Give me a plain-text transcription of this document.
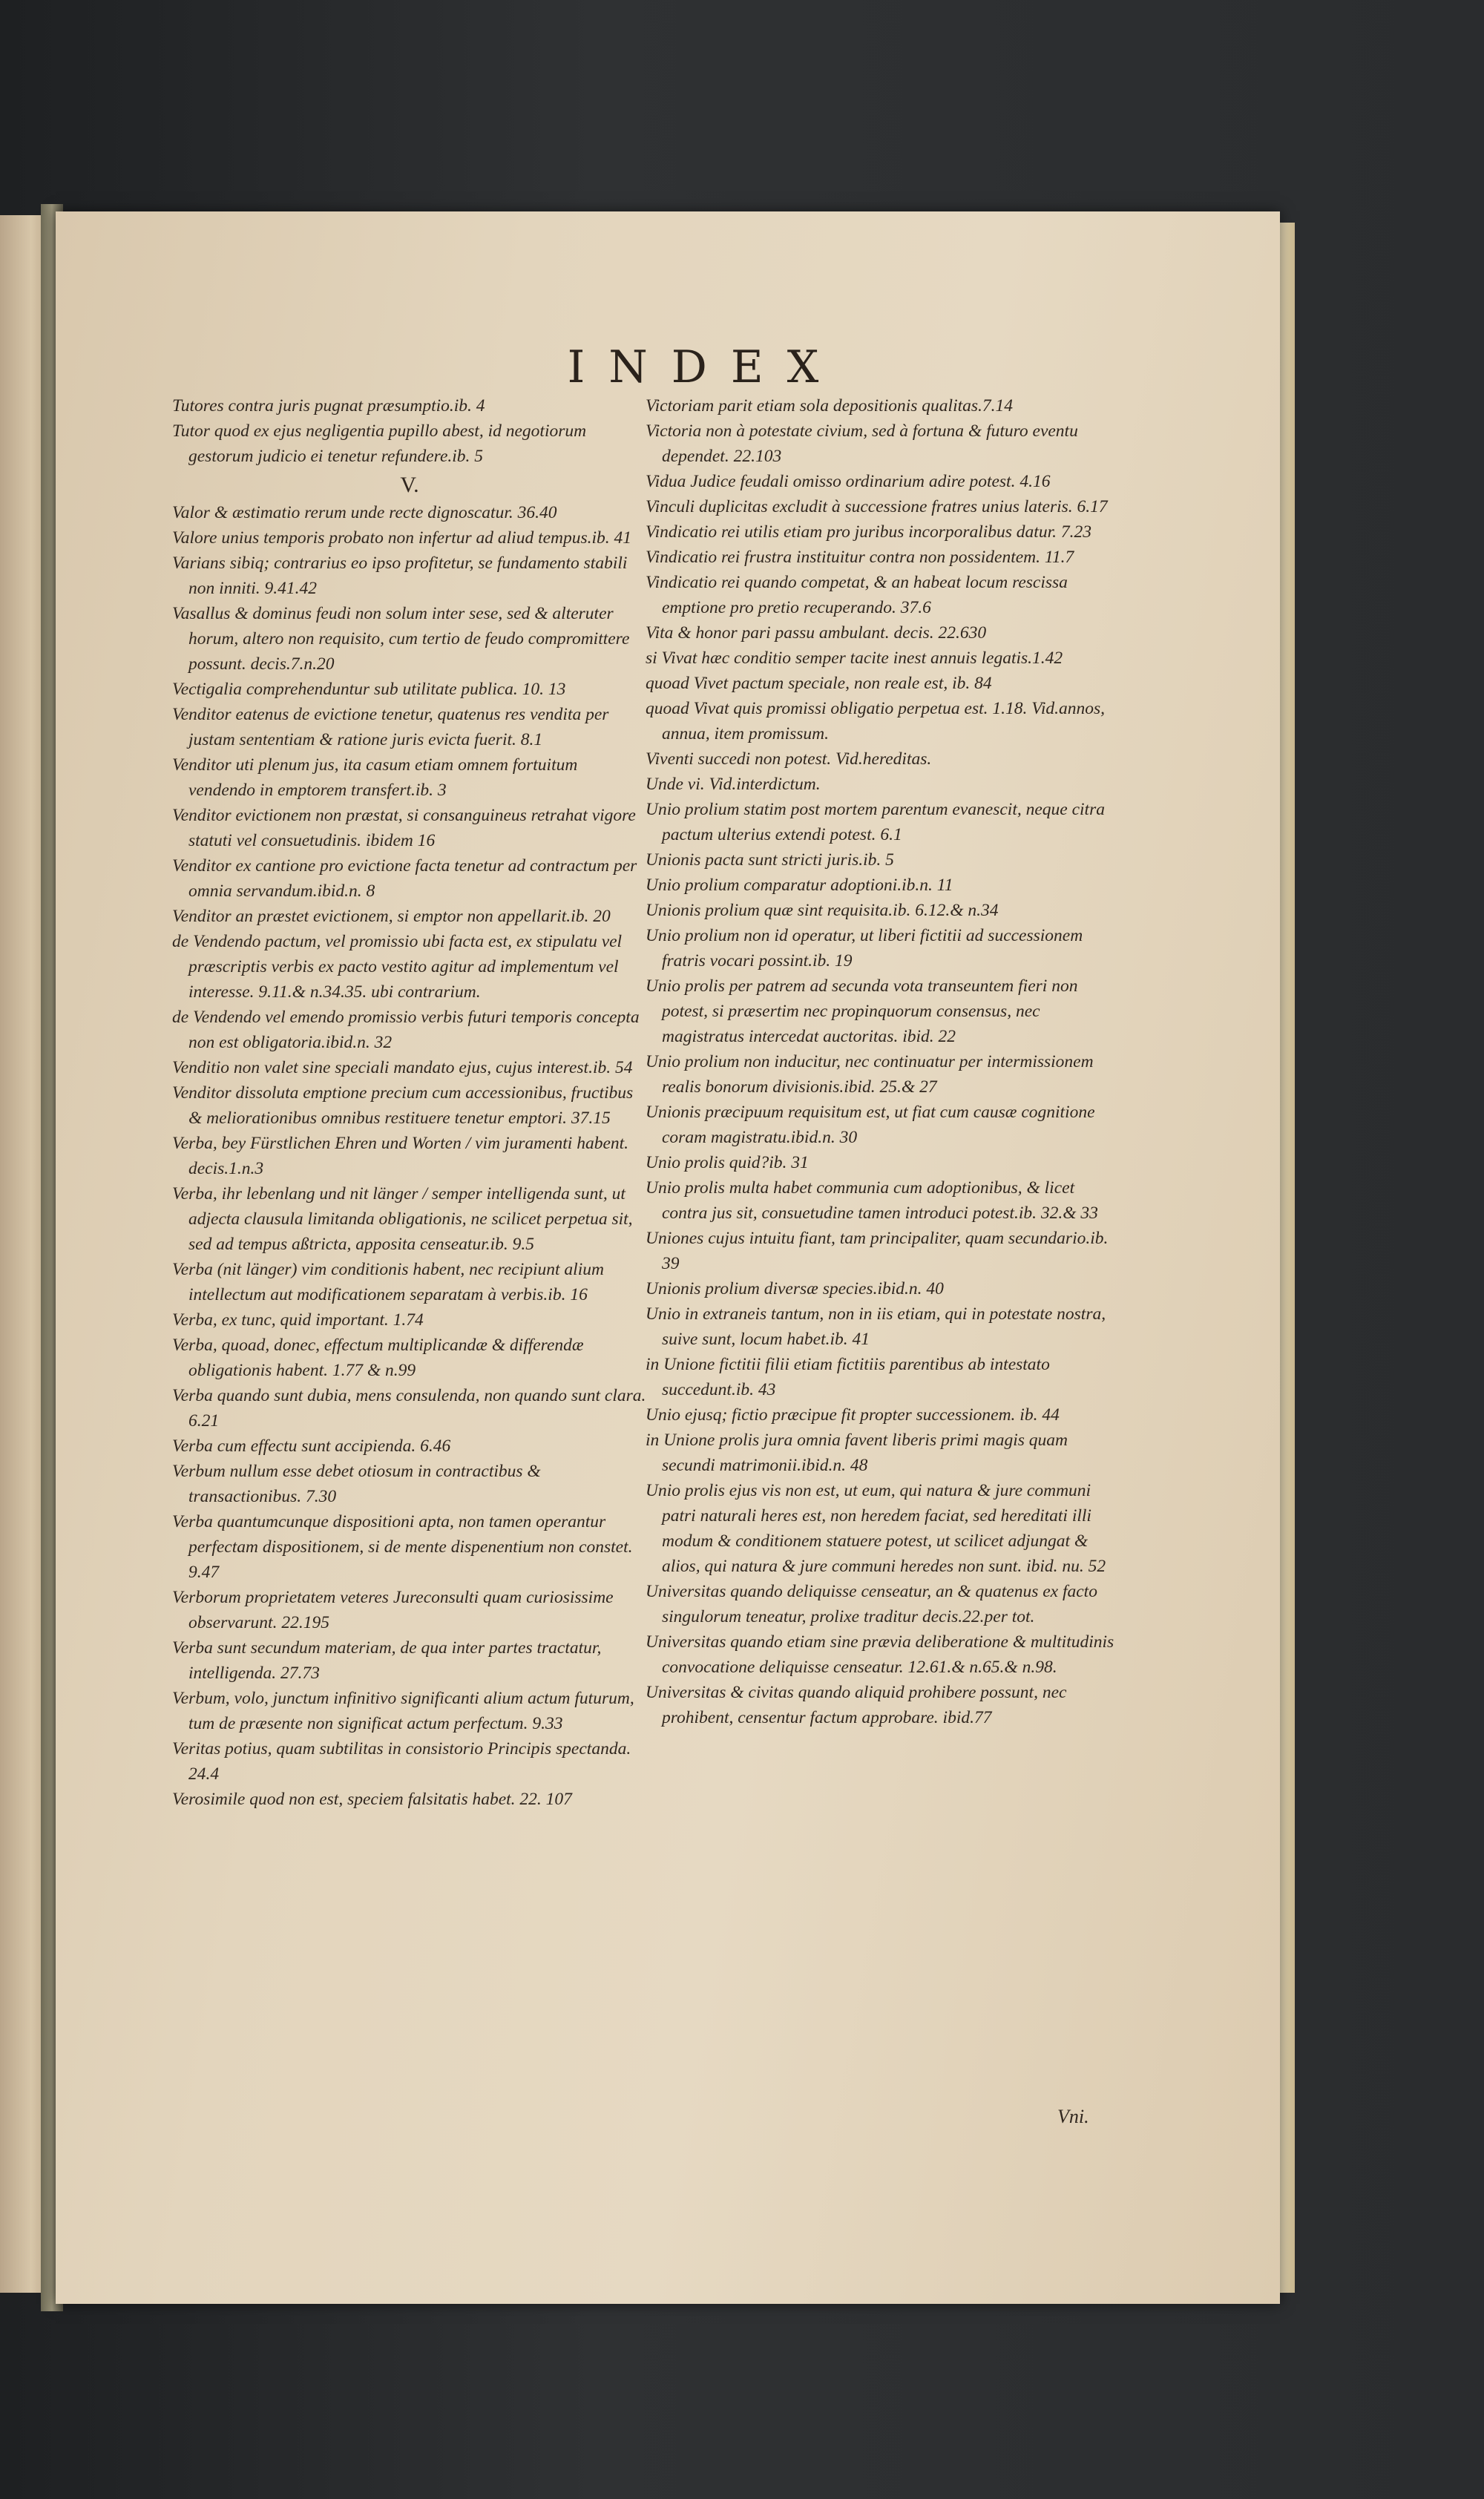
INDEX

Tutores contra juris pugnat præsumptio.ib. 4

Tutor quod ex ejus negligentia pupillo abest, id negotiorum gestorum judicio ei tenetur refundere.ib. 5

V.

Valor & æstimatio rerum unde recte dignoscatur. 36.40

Valore unius temporis probato non infertur ad aliud tempus.ib. 41

Varians sibiq; contrarius eo ipso profitetur, se fundamento stabili non inniti. 9.41.42

Vasallus & dominus feudi non solum inter sese, sed & alteruter horum, altero non requisito, cum tertio de feudo compromittere possunt. decis.7.n.20

Vectigalia comprehenduntur sub utilitate publica. 10. 13

Venditor eatenus de evictione tenetur, quatenus res vendita per justam sententiam & ratione juris evicta fuerit. 8.1

Venditor uti plenum jus, ita casum etiam omnem fortuitum vendendo in emptorem transfert.ib. 3

Venditor evictionem non præstat, si consanguineus retrahat vigore statuti vel consuetudinis. ibidem 16

Venditor ex cantione pro evictione facta tenetur ad contractum per omnia servandum.ibid.n. 8

Venditor an præstet evictionem, si emptor non appellarit.ib. 20

de Vendendo pactum, vel promissio ubi facta est, ex stipulatu vel præscriptis verbis ex pacto vestito agitur ad implementum vel interesse. 9.11.& n.34.35. ubi contrarium.

de Vendendo vel emendo promissio verbis futuri temporis concepta non est obligatoria.ibid.n. 32

Venditio non valet sine speciali mandato ejus, cujus interest.ib. 54

Venditor dissoluta emptione precium cum accessionibus, fructibus & meliorationibus omnibus restituere tenetur emptori. 37.15

Verba, bey Fürstlichen Ehren und Worten / vim juramenti habent. decis.1.n.3

Verba, ihr lebenlang und nit länger / semper intelligenda sunt, ut adjecta clausula limitanda obligationis, ne scilicet perpetua sit, sed ad tempus aßtricta, apposita censeatur.ib. 9.5

Verba (nit länger) vim conditionis habent, nec recipiunt alium intellectum aut modificationem separatam à verbis.ib. 16

Verba, ex tunc, quid important. 1.74

Verba, quoad, donec, effectum multiplicandæ & differendæ obligationis habent. 1.77 & n.99

Verba quando sunt dubia, mens consulenda, non quando sunt clara. 6.21

Verba cum effectu sunt accipienda. 6.46

Verbum nullum esse debet otiosum in contractibus & transactionibus. 7.30

Verba quantumcunque dispositioni apta, non tamen operantur perfectam dispositionem, si de mente dispenentium non constet. 9.47

Verborum proprietatem veteres Jureconsulti quam curiosissime observarunt. 22.195

Verba sunt secundum materiam, de qua inter partes tractatur, intelligenda. 27.73

Verbum, volo, junctum infinitivo significanti alium actum futurum, tum de præsente non significat actum perfectum. 9.33

Veritas potius, quam subtilitas in consistorio Principis spectanda. 24.4

Verosimile quod non est, speciem falsitatis habet. 22. 107

Victoriam parit etiam sola depositionis qualitas.7.14

Victoria non à potestate civium, sed à fortuna & futuro eventu dependet. 22.103

Vidua Judice feudali omisso ordinarium adire potest. 4.16

Vinculi duplicitas excludit à successione fratres unius lateris. 6.17

Vindicatio rei utilis etiam pro juribus incorporalibus datur. 7.23

Vindicatio rei frustra instituitur contra non possidentem. 11.7

Vindicatio rei quando competat, & an habeat locum rescissa emptione pro pretio recuperando. 37.6

Vita & honor pari passu ambulant. decis. 22.630

si Vivat hæc conditio semper tacite inest annuis legatis.1.42

quoad Vivet pactum speciale, non reale est, ib. 84

quoad Vivat quis promissi obligatio perpetua est. 1.18. Vid.annos, annua, item promissum.

Viventi succedi non potest. Vid.hereditas.

Unde vi. Vid.interdictum.

Unio prolium statim post mortem parentum evanescit, neque citra pactum ulterius extendi potest. 6.1

Unionis pacta sunt stricti juris.ib. 5

Unio prolium comparatur adoptioni.ib.n. 11

Unionis prolium quæ sint requisita.ib. 6.12.& n.34

Unio prolium non id operatur, ut liberi fictitii ad successionem fratris vocari possint.ib. 19

Unio prolis per patrem ad secunda vota transeuntem fieri non potest, si præsertim nec propinquorum consensus, nec magistratus intercedat auctoritas. ibid. 22

Unio prolium non inducitur, nec continuatur per intermissionem realis bonorum divisionis.ibid. 25.& 27

Unionis præcipuum requisitum est, ut fiat cum causæ cognitione coram magistratu.ibid.n. 30

Unio prolis quid?ib. 31

Unio prolis multa habet communia cum adoptionibus, & licet contra jus sit, consuetudine tamen introduci potest.ib. 32.& 33

Uniones cujus intuitu fiant, tam principaliter, quam secundario.ib. 39

Unionis prolium diversæ species.ibid.n. 40

Unio in extraneis tantum, non in iis etiam, qui in potestate nostra, suive sunt, locum habet.ib. 41

in Unione fictitii filii etiam fictitiis parentibus ab intestato succedunt.ib. 43

Unio ejusq; fictio præcipue fit propter successionem. ib. 44

in Unione prolis jura omnia favent liberis primi magis quam secundi matrimonii.ibid.n. 48

Unio prolis ejus vis non est, ut eum, qui natura & jure communi patri naturali heres est, non heredem faciat, sed hereditati illi modum & conditionem statuere potest, ut scilicet adjungat & alios, qui natura & jure communi heredes non sunt. ibid. nu. 52

Universitas quando deliquisse censeatur, an & quatenus ex facto singulorum teneatur, prolixe traditur decis.22.per tot.

Universitas quando etiam sine prævia deliberatione & multitudinis convocatione deliquisse censeatur. 12.61.& n.65.& n.98.

Universitas & civitas quando aliquid prohibere possunt, nec prohibent, censentur factum approbare. ibid.77

Vni.
